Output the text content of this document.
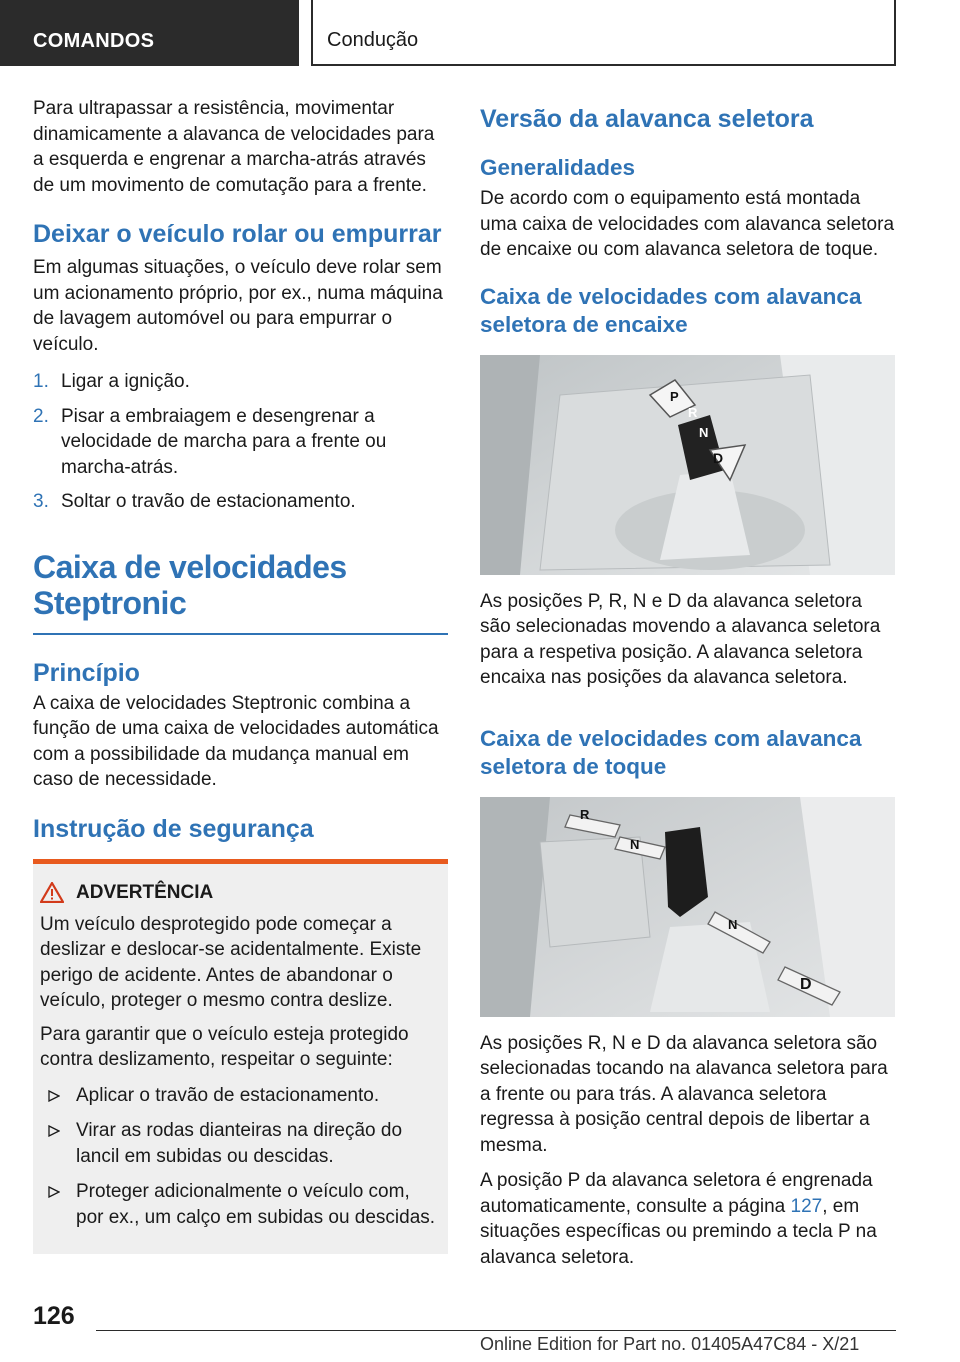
COMANDOS	Condução

Para ultrapassar a resistência, movimentar dinamicamente a alavanca de velocidades para a esquerda e engrenar a marcha-atrás através de um movimento de comutação para a frente.

Deixar o veículo rolar ou empurrar

Em algumas situações, o veículo deve rolar sem um acionamento próprio, por ex., numa máquina de lavagem automóvel ou para empurrar o veículo.

1. Ligar a ignição.
2. Pisar a embraiagem e desengrenar a velocidade de marcha para a frente ou marcha-atrás.
3. Soltar o travão de estacionamento.
Caixa de velocidades Steptronic
Princípio

A caixa de velocidades Steptronic combina a função de uma caixa de velocidades automática com a possibilidade da mudança manual em caso de necessidade.

Instrução de segurança
ADVERTÊNCIA

Um veículo desprotegido pode começar a deslizar e deslocar-se acidentalmente. Existe perigo de acidente. Antes de abandonar o veículo, proteger o mesmo contra deslize.

Para garantir que o veículo esteja protegido contra deslizamento, respeitar o seguinte:

Aplicar o travão de estacionamento.
Virar as rodas dianteiras na direção do lancil em subidas ou descidas.
Proteger adicionalmente o veículo com, por ex., um calço em subidas ou descidas.
Versão da alavanca seletora
Generalidades

De acordo com o equipamento está montada uma caixa de velocidades com alavanca seletora de encaixe ou com alavanca seletora de toque.

Caixa de velocidades com alavanca seletora de encaixe
P
R
N
D

As posições P, R, N e D da alavanca seletora são selecionadas movendo a alavanca seletora para a respetiva posição. A alavanca seletora encaixa nas posições da alavanca seletora.

Caixa de velocidades com alavanca seletora de toque
R
N
N
D

As posições R, N e D da alavanca seletora são selecionadas tocando na alavanca seletora para a frente ou para trás. A alavanca seletora regressa à posição central depois de libertar a mesma.

A posição P da alavanca seletora é engrenada automaticamente, consulte a página 127, em situações específicas ou premindo a tecla P na alavanca seletora.

126
Online Edition for Part no. 01405A47C84 - X/21
